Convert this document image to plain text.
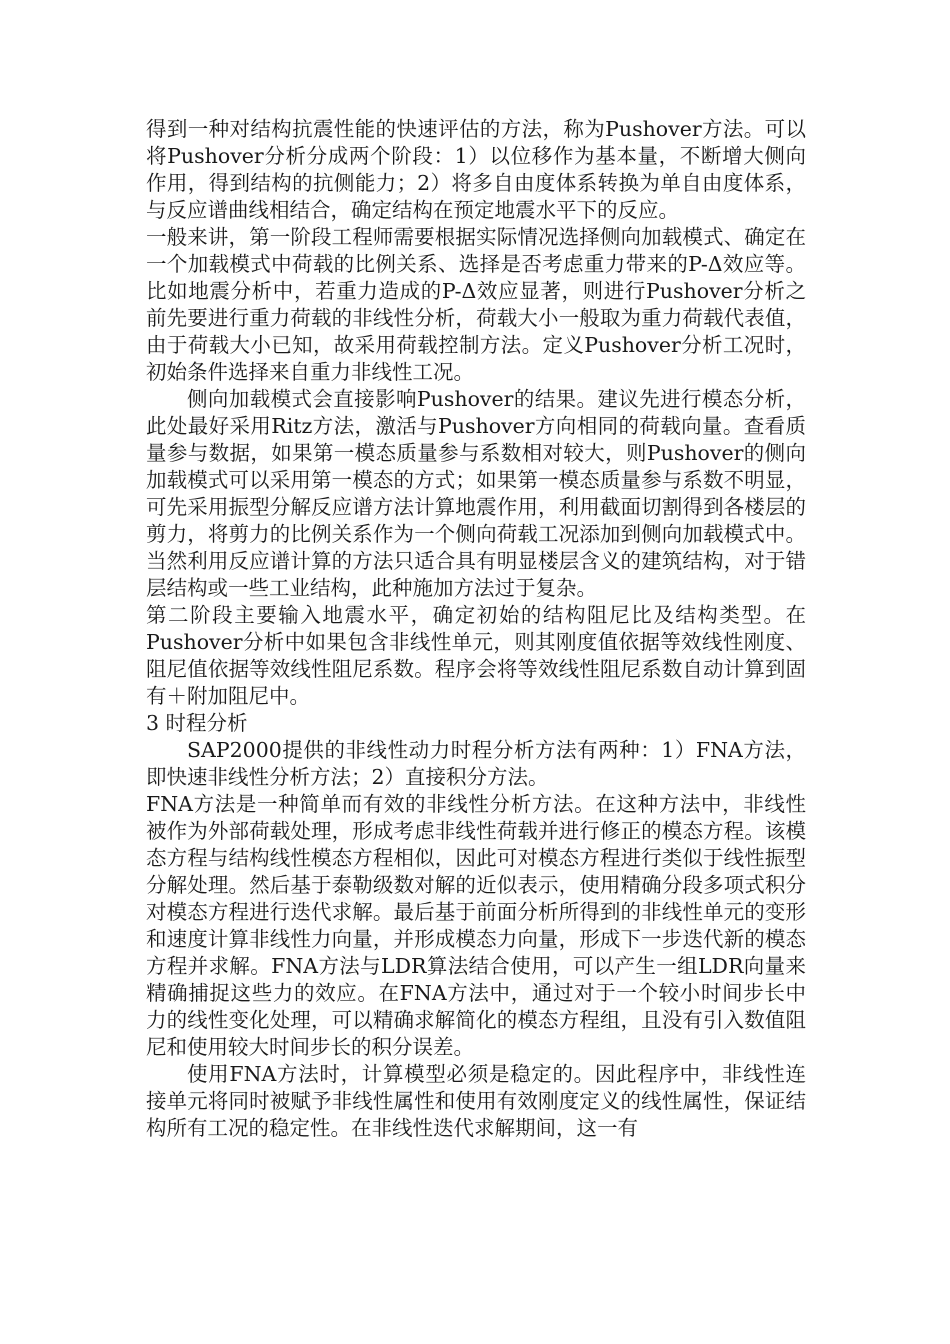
得到一种对结构抗震性能的快速评估的方法，称为Pushover方法。可以将Pushover分析分成两个阶段：1）以位移作为基本量，不断增大侧向作用，得到结构的抗侧能力；2）将多自由度体系转换为单自由度体系，与反应谱曲线相结合，确定结构在预定地震水平下的反应。

一般来讲，第一阶段工程师需要根据实际情况选择侧向加载模式、确定在一个加载模式中荷载的比例关系、选择是否考虑重力带来的P-Δ效应等。比如地震分析中，若重力造成的P-Δ效应显著，则进行Pushover分析之前先要进行重力荷载的非线性分析，荷载大小一般取为重力荷载代表值，由于荷载大小已知，故采用荷载控制方法。定义Pushover分析工况时，初始条件选择来自重力非线性工况。

侧向加载模式会直接影响Pushover的结果。建议先进行模态分析，此处最好采用Ritz方法，激活与Pushover方向相同的荷载向量。查看质量参与数据，如果第一模态质量参与系数相对较大，则Pushover的侧向加载模式可以采用第一模态的方式；如果第一模态质量参与系数不明显，可先采用振型分解反应谱方法计算地震作用，利用截面切割得到各楼层的剪力，将剪力的比例关系作为一个侧向荷载工况添加到侧向加载模式中。当然利用反应谱计算的方法只适合具有明显楼层含义的建筑结构，对于错层结构或一些工业结构，此种施加方法过于复杂。

第二阶段主要输入地震水平，确定初始的结构阻尼比及结构类型。在Pushover分析中如果包含非线性单元，则其刚度值依据等效线性刚度、阻尼值依据等效线性阻尼系数。程序会将等效线性阻尼系数自动计算到固有＋附加阻尼中。

3 时程分析

SAP2000提供的非线性动力时程分析方法有两种：1）FNA方法，即快速非线性分析方法；2）直接积分方法。

FNA方法是一种简单而有效的非线性分析方法。在这种方法中，非线性被作为外部荷载处理，形成考虑非线性荷载并进行修正的模态方程。该模态方程与结构线性模态方程相似，因此可对模态方程进行类似于线性振型分解处理。然后基于泰勒级数对解的近似表示，使用精确分段多项式积分对模态方程进行迭代求解。最后基于前面分析所得到的非线性单元的变形和速度计算非线性力向量，并形成模态力向量，形成下一步迭代新的模态方程并求解。FNA方法与LDR算法结合使用，可以产生一组LDR向量来精确捕捉这些力的效应。在FNA方法中，通过对于一个较小时间步长中力的线性变化处理，可以精确求解简化的模态方程组，且没有引入数值阻尼和使用较大时间步长的积分误差。

使用FNA方法时，计算模型必须是稳定的。因此程序中，非线性连接单元将同时被赋予非线性属性和使用有效刚度定义的线性属性，保证结构所有工况的稳定性。在非线性迭代求解期间，这一有
